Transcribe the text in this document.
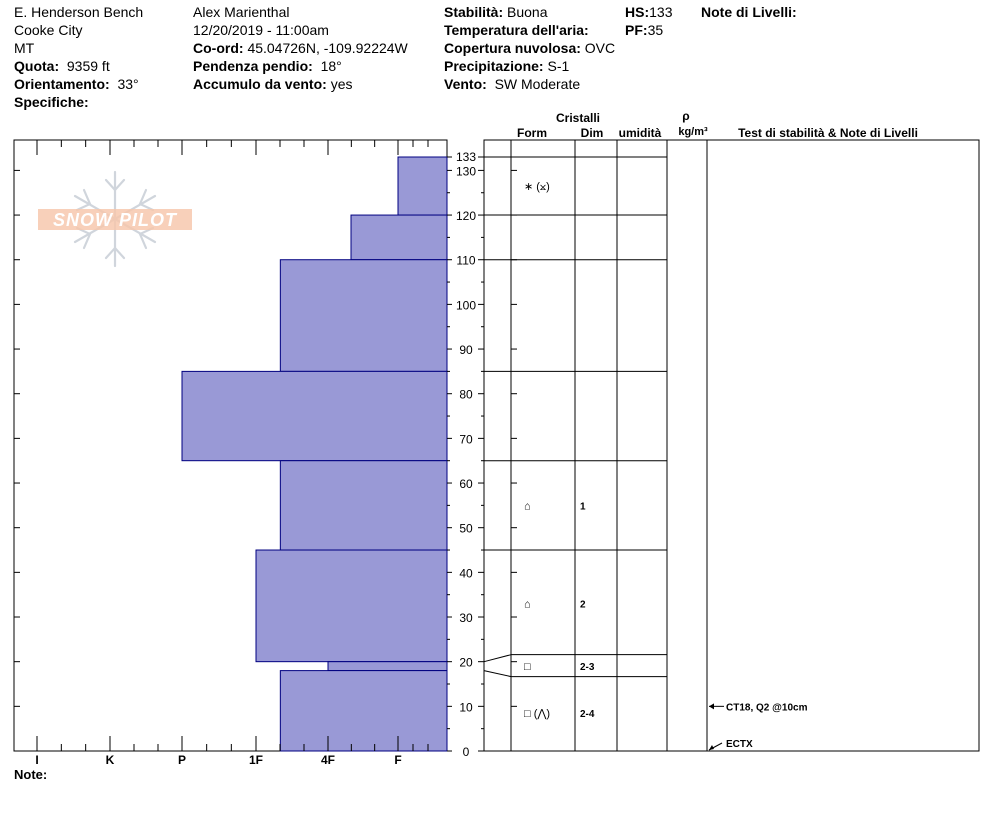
E. Henderson Bench
Cooke City
MT
Quota: 9359 ft
Orientamento: 33°
Specifiche:
Alex Marienthal
12/20/2019 - 11:00am
Co-ord: 45.04726N, -109.92224W
Pendenza pendio: 18°
Accumulo da vento: yes
Stabilità: Buona
Temperatura dell'aria:
Copertura nuvolosa: OVC
Precipitazione: S-1
Vento: SW Moderate
HS:133
PF:35
Note di Livelli:
SNOW PILOT
I	K	P	1F	4F	F
0
10
20
30
40
50
60
70
80
90
100
110
120
130
133
∗ (⨲)
⌂	1
⌂	2
□	2-3
□ (⋀)	2-4
CT18, Q2 @10cm
ECTX
Cristalli
Form	Dim umidità
ρ
kg/m³	Test di stabilità & Note di Livelli
Note:
